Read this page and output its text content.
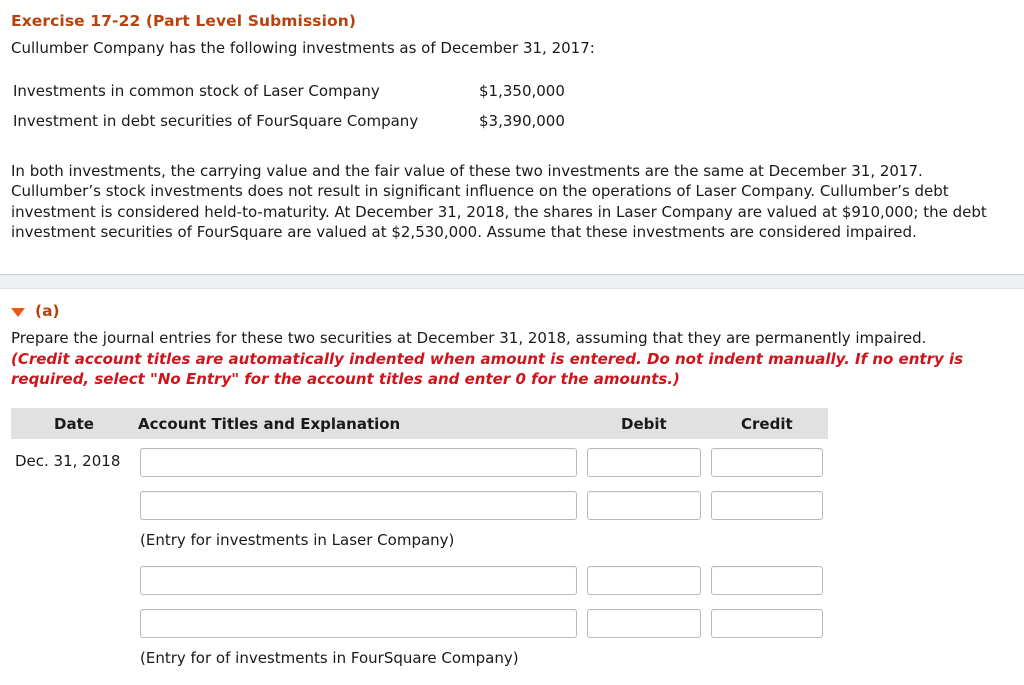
Exercise 17-22 (Part Level Submission)
Cullumber Company has the following investments as of December 31, 2017:
Investments in common stock of Laser Company	$1,350,000
Investment in debt securities of FourSquare Company	$3,390,000
In both investments, the carrying value and the fair value of these two investments are the same at December 31, 2017. Cullumber’s stock investments does not result in significant influence on the operations of Laser Company. Cullumber’s debt investment is considered held-to-maturity. At December 31, 2018, the shares in Laser Company are valued at $910,000; the debt investment securities of FourSquare are valued at $2,530,000. Assume that these investments are considered impaired.
(a)
Prepare the journal entries for these two securities at December 31, 2018, assuming that they are permanently impaired.
(Credit account titles are automatically indented when amount is entered. Do not indent manually. If no entry is required, select "No Entry" for the account titles and enter 0 for the amounts.)
Date	Account Titles and Explanation	Debit	Credit
Dec. 31, 2018
(Entry for investments in Laser Company)
(Entry for of investments in FourSquare Company)
